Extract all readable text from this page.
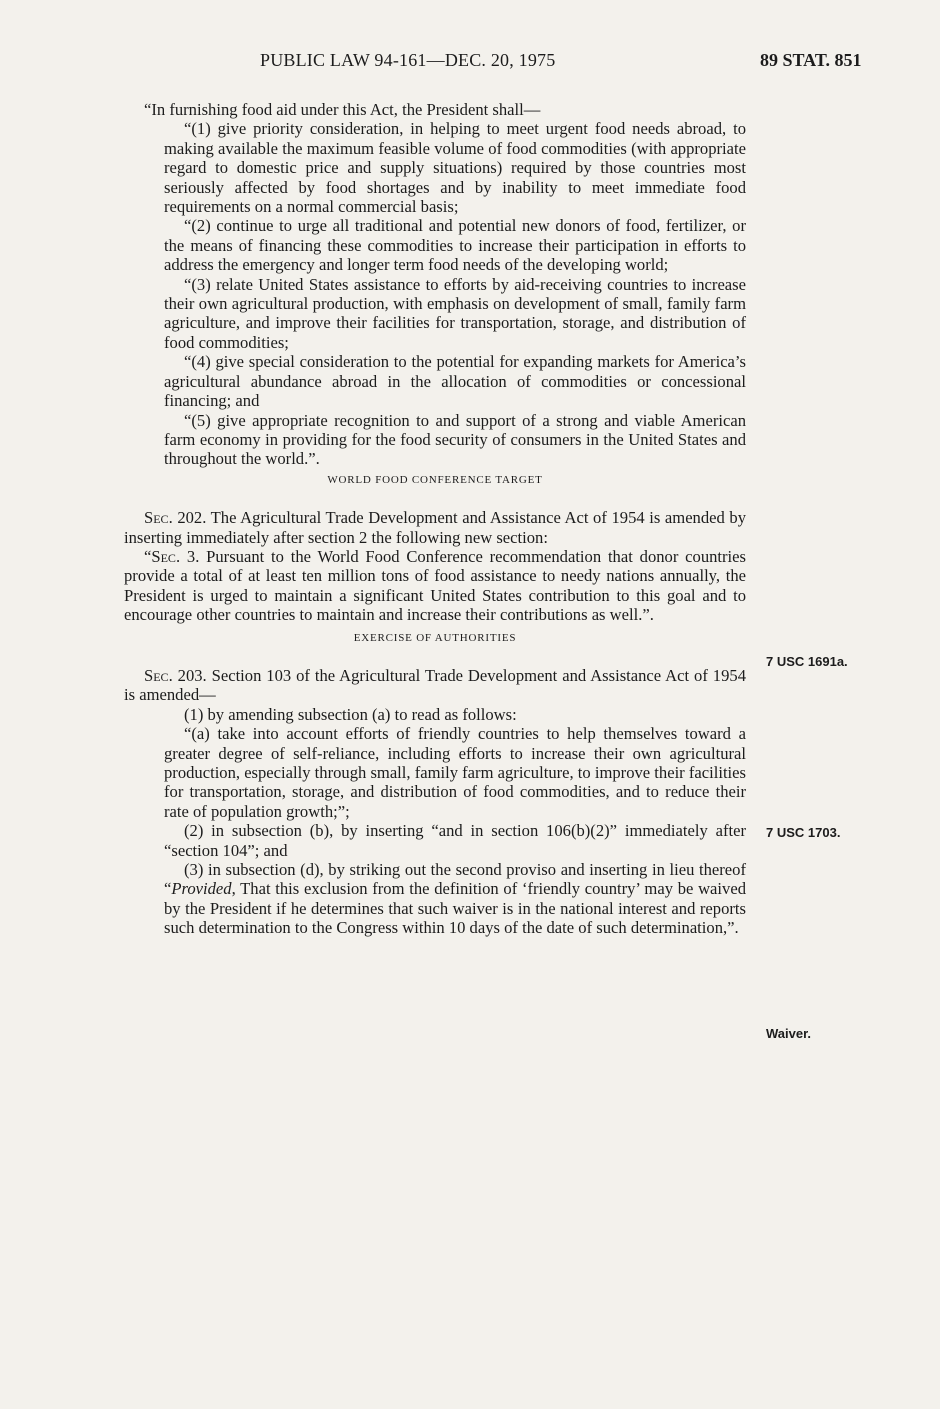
PUBLIC LAW 94-161—DEC. 20, 1975	89 STAT. 851

“In furnishing food aid under this Act, the President shall—

“(1) give priority consideration, in helping to meet urgent food needs abroad, to making available the maximum feasible volume of food commodities (with appropriate regard to domestic price and supply situations) required by those countries most seriously affected by food shortages and by inability to meet immediate food requirements on a normal commercial basis;

“(2) continue to urge all traditional and potential new donors of food, fertilizer, or the means of financing these commodities to increase their participation in efforts to address the emergency and longer term food needs of the developing world;

“(3) relate United States assistance to efforts by aid-receiving countries to increase their own agricultural production, with emphasis on development of small, family farm agriculture, and improve their facilities for transportation, storage, and distribution of food commodities;

“(4) give special consideration to the potential for expanding markets for America’s agricultural abundance abroad in the allocation of commodities or concessional financing; and

“(5) give appropriate recognition to and support of a strong and viable American farm economy in providing for the food security of consumers in the United States and throughout the world.”.

WORLD FOOD CONFERENCE TARGET

Sec. 202. The Agricultural Trade Development and Assistance Act of 1954 is amended by inserting immediately after section 2 the following new section:

“Sec. 3. Pursuant to the World Food Conference recommendation that donor countries provide a total of at least ten million tons of food assistance to needy nations annually, the President is urged to maintain a significant United States contribution to this goal and to encourage other countries to maintain and increase their contributions as well.”.

EXERCISE OF AUTHORITIES

Sec. 203. Section 103 of the Agricultural Trade Development and Assistance Act of 1954 is amended—

(1) by amending subsection (a) to read as follows:

“(a) take into account efforts of friendly countries to help themselves toward a greater degree of self-reliance, including efforts to increase their own agricultural production, especially through small, family farm agriculture, to improve their facilities for transportation, storage, and distribution of food commodities, and to reduce their rate of population growth;”;

(2) in subsection (b), by inserting “and in section 106(b)(2)” immediately after “section 104”; and

(3) in subsection (d), by striking out the second proviso and inserting in lieu thereof “Provided, That this exclusion from the definition of ‘friendly country’ may be waived by the President if he determines that such waiver is in the national interest and reports such determination to the Congress within 10 days of the date of such determination,”.

7 USC 1691a.
7 USC 1703.
Waiver.
